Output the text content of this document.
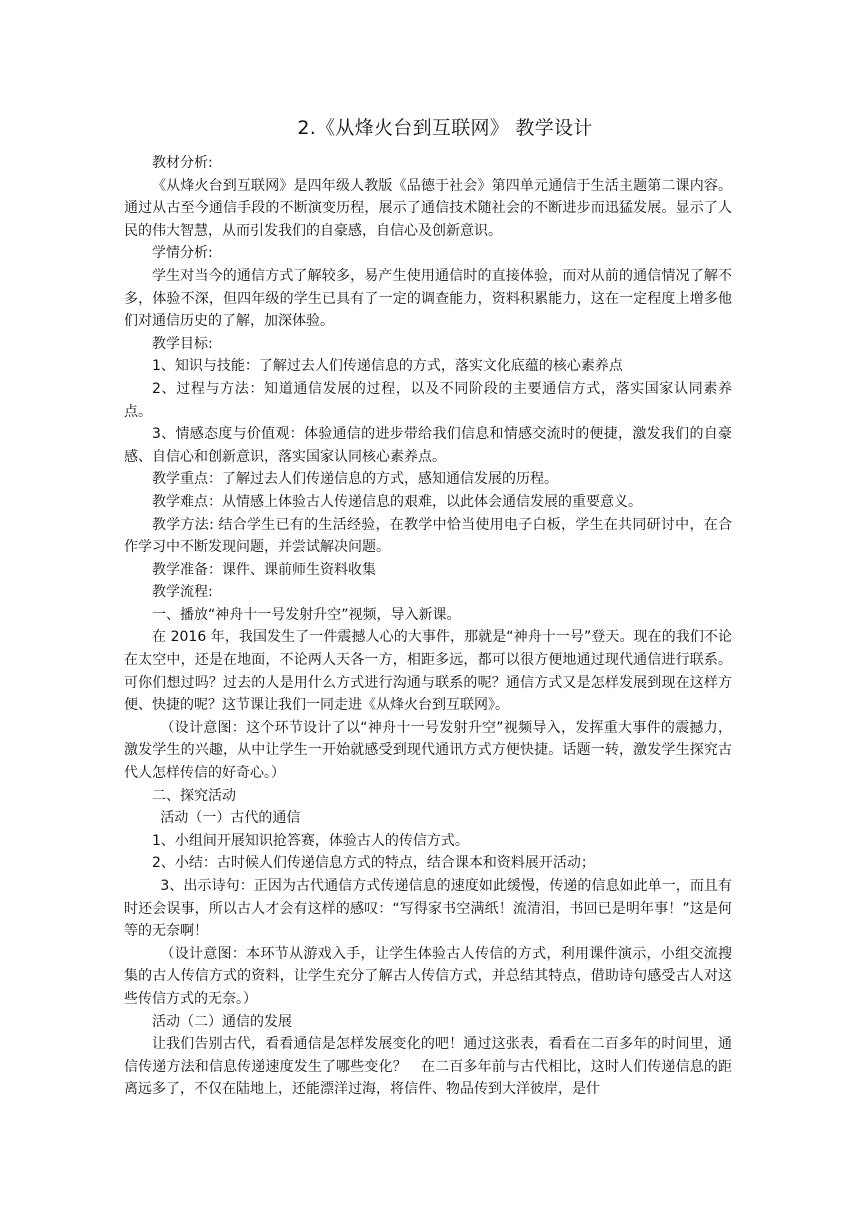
2.《从烽火台到互联网》 教学设计

教材分析:

《从烽火台到互联网》是四年级人教版《品德于社会》第四单元通信于生活主题第二课内容。通过从古至今通信手段的不断演变历程，展示了通信技术随社会的不断进步而迅猛发展。显示了人民的伟大智慧，从而引发我们的自豪感，自信心及创新意识。

学情分析:

学生对当今的通信方式了解较多，易产生使用通信时的直接体验，而对从前的通信情况了解不多，体验不深，但四年级的学生已具有了一定的调查能力，资料积累能力，这在一定程度上增多他们对通信历史的了解，加深体验。

教学目标:

1、知识与技能：了解过去人们传递信息的方式，落实文化底蕴的核心素养点

2、过程与方法：知道通信发展的过程，以及不同阶段的主要通信方式，落实国家认同素养点。

3、情感态度与价值观：体验通信的进步带给我们信息和情感交流时的便捷，激发我们的自豪感、自信心和创新意识，落实国家认同核心素养点。

教学重点：了解过去人们传递信息的方式，感知通信发展的历程。

教学难点：从情感上体验古人传递信息的艰难，以此体会通信发展的重要意义。

教学方法: 结合学生已有的生活经验，在教学中恰当使用电子白板，学生在共同研讨中，在合作学习中不断发现问题，并尝试解决问题。

教学准备：课件、课前师生资料收集

教学流程:

一、播放“神舟十一号发射升空”视频，导入新课。

在 2016 年，我国发生了一件震撼人心的大事件，那就是“神舟十一号”登天。现在的我们不论在太空中，还是在地面，不论两人天各一方，相距多远，都可以很方便地通过现代通信进行联系。可你们想过吗？过去的人是用什么方式进行沟通与联系的呢？通信方式又是怎样发展到现在这样方便、快捷的呢？这节课让我们一同走进《从烽火台到互联网》。

（设计意图：这个环节设计了以“神舟十一号发射升空”视频导入，发挥重大事件的震撼力，激发学生的兴趣，从中让学生一开始就感受到现代通讯方式方便快捷。话题一转，激发学生探究古代人怎样传信的好奇心。）

二、探究活动

活动（一）古代的通信

1、小组间开展知识抢答赛，体验古人的传信方式。

2、小结：古时候人们传递信息方式的特点，结合课本和资料展开活动；

3、出示诗句：正因为古代通信方式传递信息的速度如此缓慢，传递的信息如此单一，而且有时还会误事，所以古人才会有这样的感叹：“写得家书空满纸！流清泪，书回已是明年事！”这是何等的无奈啊！

（设计意图：本环节从游戏入手，让学生体验古人传信的方式，利用课件演示，小组交流搜集的古人传信方式的资料，让学生充分了解古人传信方式，并总结其特点，借助诗句感受古人对这些传信方式的无奈。）

活动（二）通信的发展

让我们告别古代，看看通信是怎样发展变化的吧！通过这张表，看看在二百多年的时间里，通信传递方法和信息传递速度发生了哪些变化？　在二百多年前与古代相比，这时人们传递信息的距离远多了，不仅在陆地上，还能漂洋过海，将信件、物品传到大洋彼岸，是什
